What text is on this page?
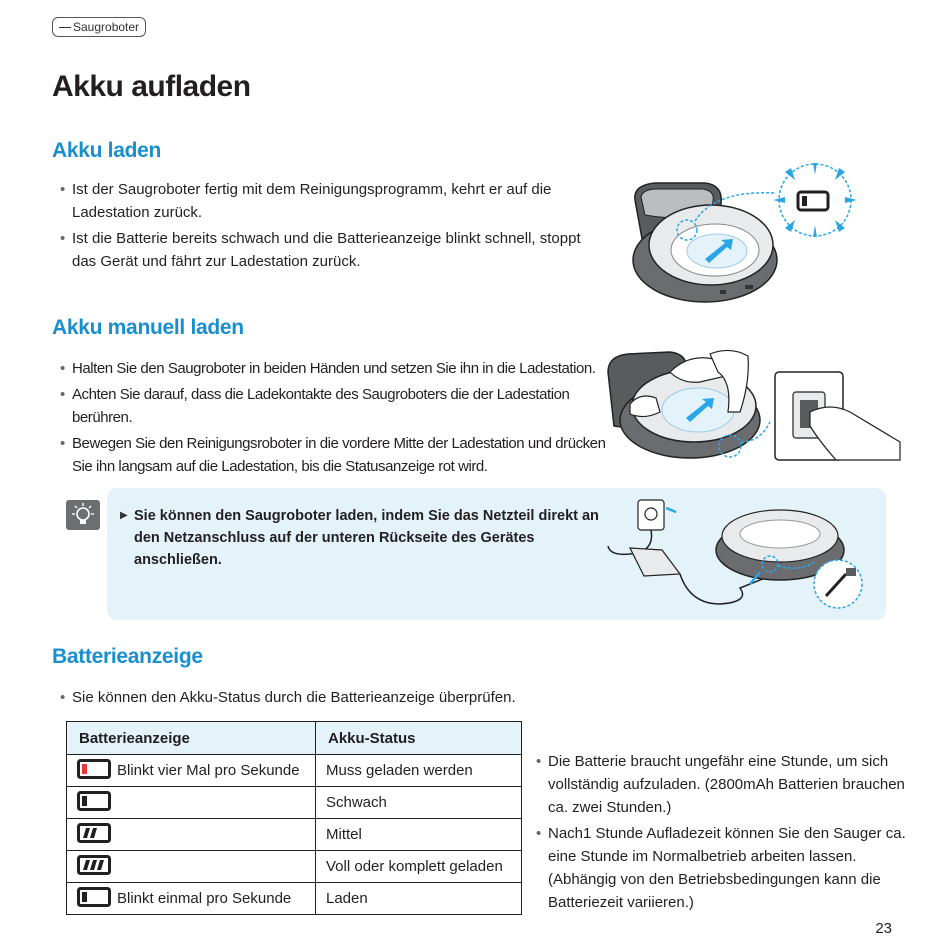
Saugroboter
Akku aufladen
Akku laden
• Ist der Saugroboter fertig mit dem Reinigungsprogramm, kehrt er auf die Ladestation zurück.
• Ist die Batterie bereits schwach und die Batterieanzeige blinkt schnell, stoppt das Gerät und fährt zur Ladestation zurück.
Akku manuell laden
• Halten Sie den Saugroboter in beiden Händen und setzen Sie ihn in die Ladestation.
• Achten Sie darauf, dass die Ladekontakte des Saugroboters die der Ladestation berühren.
• Bewegen Sie den Reinigungsroboter in die vordere Mitte der Ladestation und drücken Sie ihn langsam auf die Ladestation, bis die Statusanzeige rot wird.
▶ Sie können den Saugroboter laden, indem Sie das Netzteil direkt an den Netzanschluss auf der unteren Rückseite des Gerätes anschließen.
Batterieanzeige
• Sie können den Akku-Status durch die Batterieanzeige überprüfen.
Batterieanzeige	Akku-Status
Blinkt vier Mal pro Sekunde	Muss geladen werden
	Schwach
	Mittel
	Voll oder komplett geladen
Blinkt einmal pro Sekunde	Laden
• Die Batterie braucht ungefähr eine Stunde, um sich vollständig aufzuladen. (2800mAh Batterien brauchen ca. zwei Stunden.)
• Nach1 Stunde Aufladezeit können Sie den Sauger ca. eine Stunde im Normalbetrieb arbeiten lassen. (Abhängig von den Betriebsbedingungen kann die Batteriezeit variieren.)
23
